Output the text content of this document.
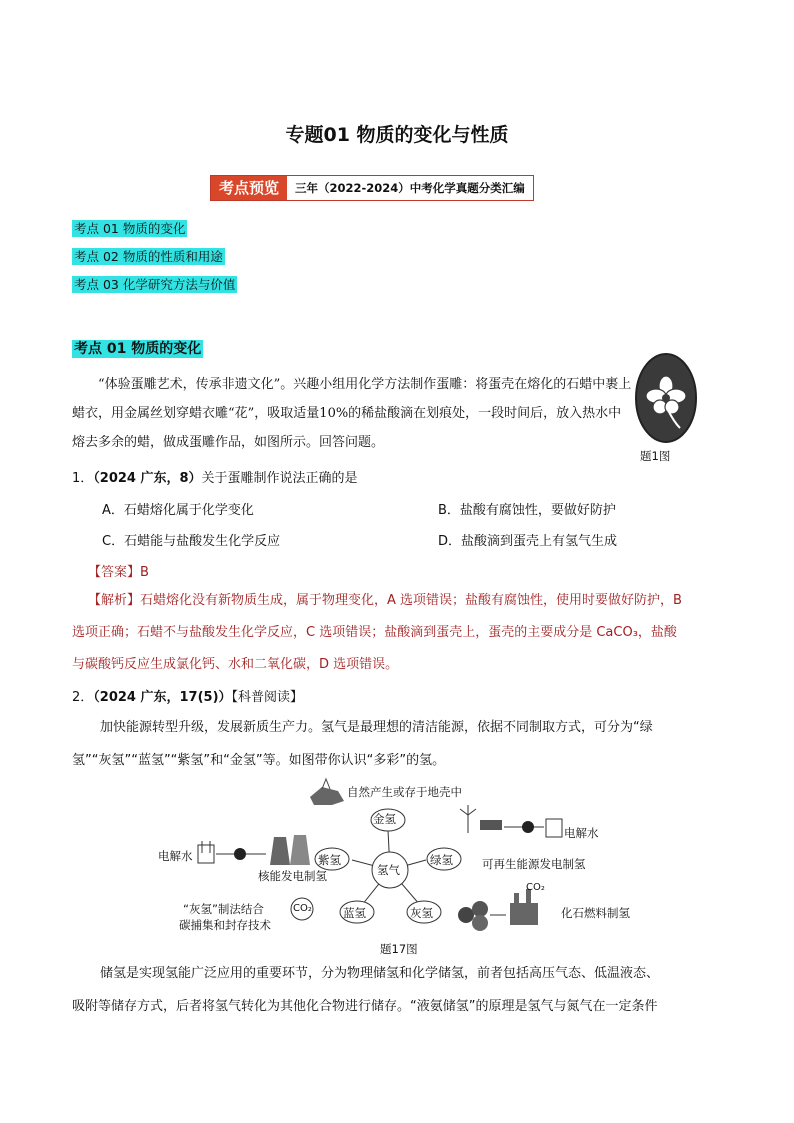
专题01 物质的变化与性质
考点预览	三年（2022-2024）中考化学真题分类汇编
考点 01 物质的变化
考点 02 物质的性质和用途
考点 03 化学研究方法与价值
考点 01 物质的变化
“体验蛋雕艺术，传承非遗文化”。兴趣小组用化学方法制作蛋雕：将蛋壳在熔化的石蜡中裹上蜡衣，用金属丝划穿蜡衣雕“花”，吸取适量10%的稀盐酸滴在划痕处，一段时间后，放入热水中熔去多余的蜡，做成蛋雕作品，如图所示。回答问题。
题1图
1．（2024 广东，8）关于蛋雕制作说法正确的是
A．石蜡熔化属于化学变化	B．盐酸有腐蚀性，要做好防护
C．石蜡能与盐酸发生化学反应	D．盐酸滴到蛋壳上有氢气生成
【答案】B
【解析】石蜡熔化没有新物质生成，属于物理变化，A 选项错误；盐酸有腐蚀性，使用时要做好防护，B
选项正确；石蜡不与盐酸发生化学反应，C 选项错误；盐酸滴到蛋壳上，蛋壳的主要成分是 CaCO₃，盐酸
与碳酸钙反应生成氯化钙、水和二氧化碳，D 选项错误。
2．（2024 广东，17(5)）【科普阅读】
加快能源转型升级，发展新质生产力。氢气是最理想的清洁能源，依据不同制取方式，可分为“绿
氢”“灰氢”“蓝氢”“紫氢”和“金氢”等。如图带你认识“多彩”的氢。
金氢
紫氢	绿氢
氢气
蓝氢	灰氢
自然产生或存于地壳中
电解水
核能发电制氢
电解水
可再生能源发电制氢
“灰氢”制法结合
碳捕集和封存技术
化石燃料制氢
CO₂
CO₂
题17图
储氢是实现氢能广泛应用的重要环节，分为物理储氢和化学储氢，前者包括高压气态、低温液态、
吸附等储存方式，后者将氢气转化为其他化合物进行储存。“液氨储氢”的原理是氢气与氮气在一定条件
